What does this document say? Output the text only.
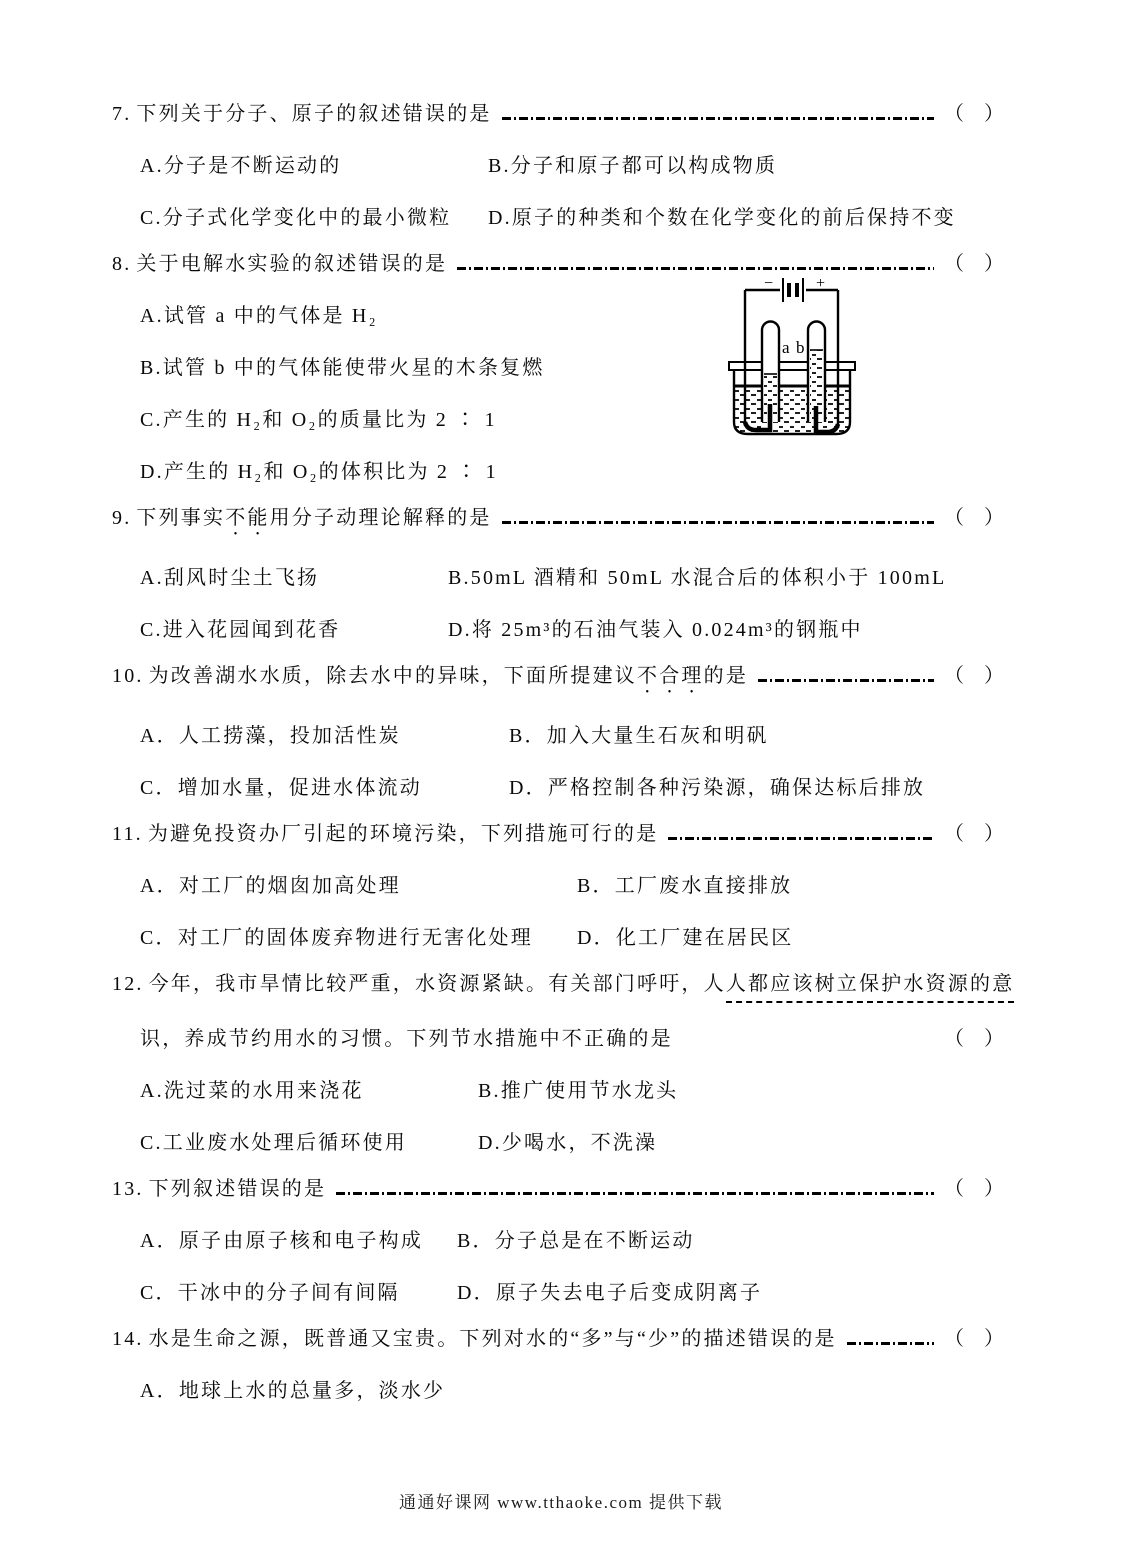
7. 下列关于分子、原子的叙述错误的是	（　）
A.分子是不断运动的	B.分子和原子都可以构成物质
C.分子式化学变化中的最小微粒	D.原子的种类和个数在化学变化的前后保持不变
8. 关于电解水实验的叙述错误的是	（　）
A.试管 a 中的气体是 H₂
B.试管 b 中的气体能使带火星的木条复燃
C.产生的 H₂和 O₂的质量比为 2 ∶ 1
D.产生的 H₂和 O₂的体积比为 2 ∶ 1
−	+
a b
9. 下列事实 不能 用分子动理论解释的是	（　）
A.刮风时尘土飞扬	B.50mL 酒精和 50mL 水混合后的体积小于 100mL
C.进入花园闻到花香	D.将 25m³的石油气装入 0.024m³的钢瓶中
10. 为改善湖水水质，除去水中的异味，下面所提建议 不合理 的是	（　）
A．人工捞藻，投加活性炭	B．加入大量生石灰和明矾
C．增加水量，促进水体流动	D．严格控制各种污染源，确保达标后排放
11. 为避免投资办厂引起的环境污染，下列措施可行的是	（　）
A．对工厂的烟囱加高处理	B．工厂废水直接排放
C．对工厂的固体废弃物进行无害化处理	D．化工厂建在居民区
12. 今年，我市旱情比较严重，水资源紧缺。有关部门呼吁，人 人都应该树立保护水资源的意
识，养成节约用水的习惯。下列节水措施中不正确的是	（　）
A.洗过菜的水用来浇花	B.推广使用节水龙头
C.工业废水处理后循环使用	D.少喝水，不洗澡
13. 下列叙述错误的是	（　）
A．原子由原子核和电子构成	B．分子总是在不断运动
C．干冰中的分子间有间隔	D．原子失去电子后变成阴离子
14. 水是生命之源，既普通又宝贵。下列对水的“多”与“少”的描述错误的是	（　）
A．地球上水的总量多，淡水少
通通好课网 www.tthaoke.com 提供下载
